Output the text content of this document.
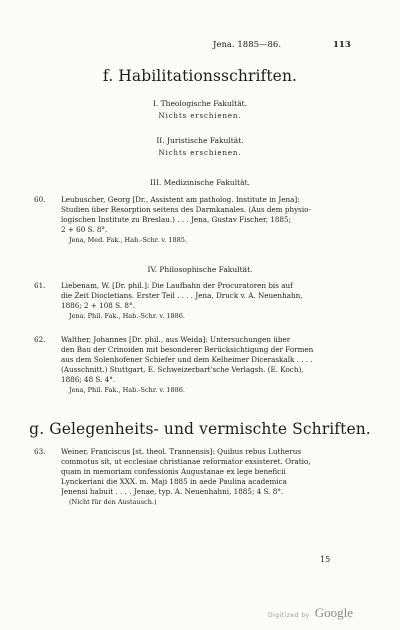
Jena. 1885—86.	113
f. Habilitationsschriften.
I. Theologische Fakultät.
Nichts erschienen.
II. Juristische Fakultät.
Nichts erschienen.
III. Medizinische Fakultät.
60.	Leubuscher, Georg [Dr., Assistent am patholog. Institute in Jena]:
Studien über Resorption seitens des Darmkanales. (Aus dem physio-
logischen Institute zu Breslau.) . . . Jena, Gustav Fischer, 1885;
2 + 60 S. 8°.
Jena, Med. Fak., Hab.-Schr. v. 1885.
IV. Philosophische Fakultät.
61.	Liebenam, W. [Dr. phil.]: Die Laufbahn der Procuratoren bis auf
die Zeit Diocletians. Erster Teil . . . . Jena, Druck v. A. Neuenhahn,
1886; 2 + 108 S. 8°.
Jena. Phil. Fak., Hab.-Schr. v. 1886.
62.	Walther, Johannes [Dr. phil., aus Weida]: Untersuchungen über
den Bau der Crinoiden mit besonderer Berücksichtigung der Formen
aus dem Solenhofener Schiefer und dem Kelheimer Diceraskalk . . . .
(Ausschnitt.) Stuttgart, E. Schweizerbart'sche Verlagsh. (E. Koch),
1886; 48 S. 4°.
Jena, Phil. Fak., Hab.-Schr. v. 1886.
g. Gelegenheits- und vermischte Schriften.
63.	Weiner, Franciscus [st. theol. Trannensis]: Quibus rebus Lutherus
commotus sit, ut ecclesiae christianae reformator exsisteret. Oratio,
quam in memoriam confessionis Augustanae ex lege beneficii
Lynckeriani die XXX. m. Maji 1885 in aede Paulina academica
Jenensi habuit . . . . Jenae, typ. A. Neuenhahni, 1885; 4 S. 8°.
(Nicht für den Austausch.)
15
Digitized by Google
